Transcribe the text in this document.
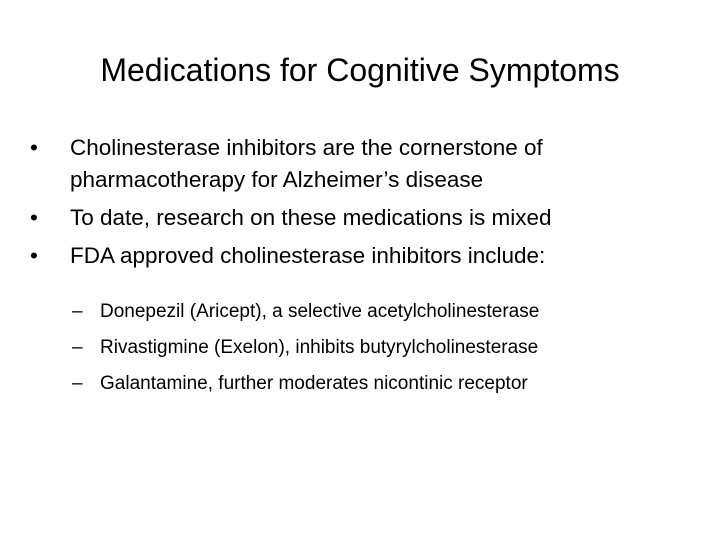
Medications for Cognitive Symptoms
•	Cholinesterase inhibitors are the cornerstone of pharmacotherapy for Alzheimer’s disease
•	To date, research on these medications is mixed
•	FDA approved cholinesterase inhibitors include:
– Donepezil (Aricept), a selective acetylcholinesterase
– Rivastigmine (Exelon), inhibits butyrylcholinesterase
– Galantamine, further moderates nicontinic receptor
